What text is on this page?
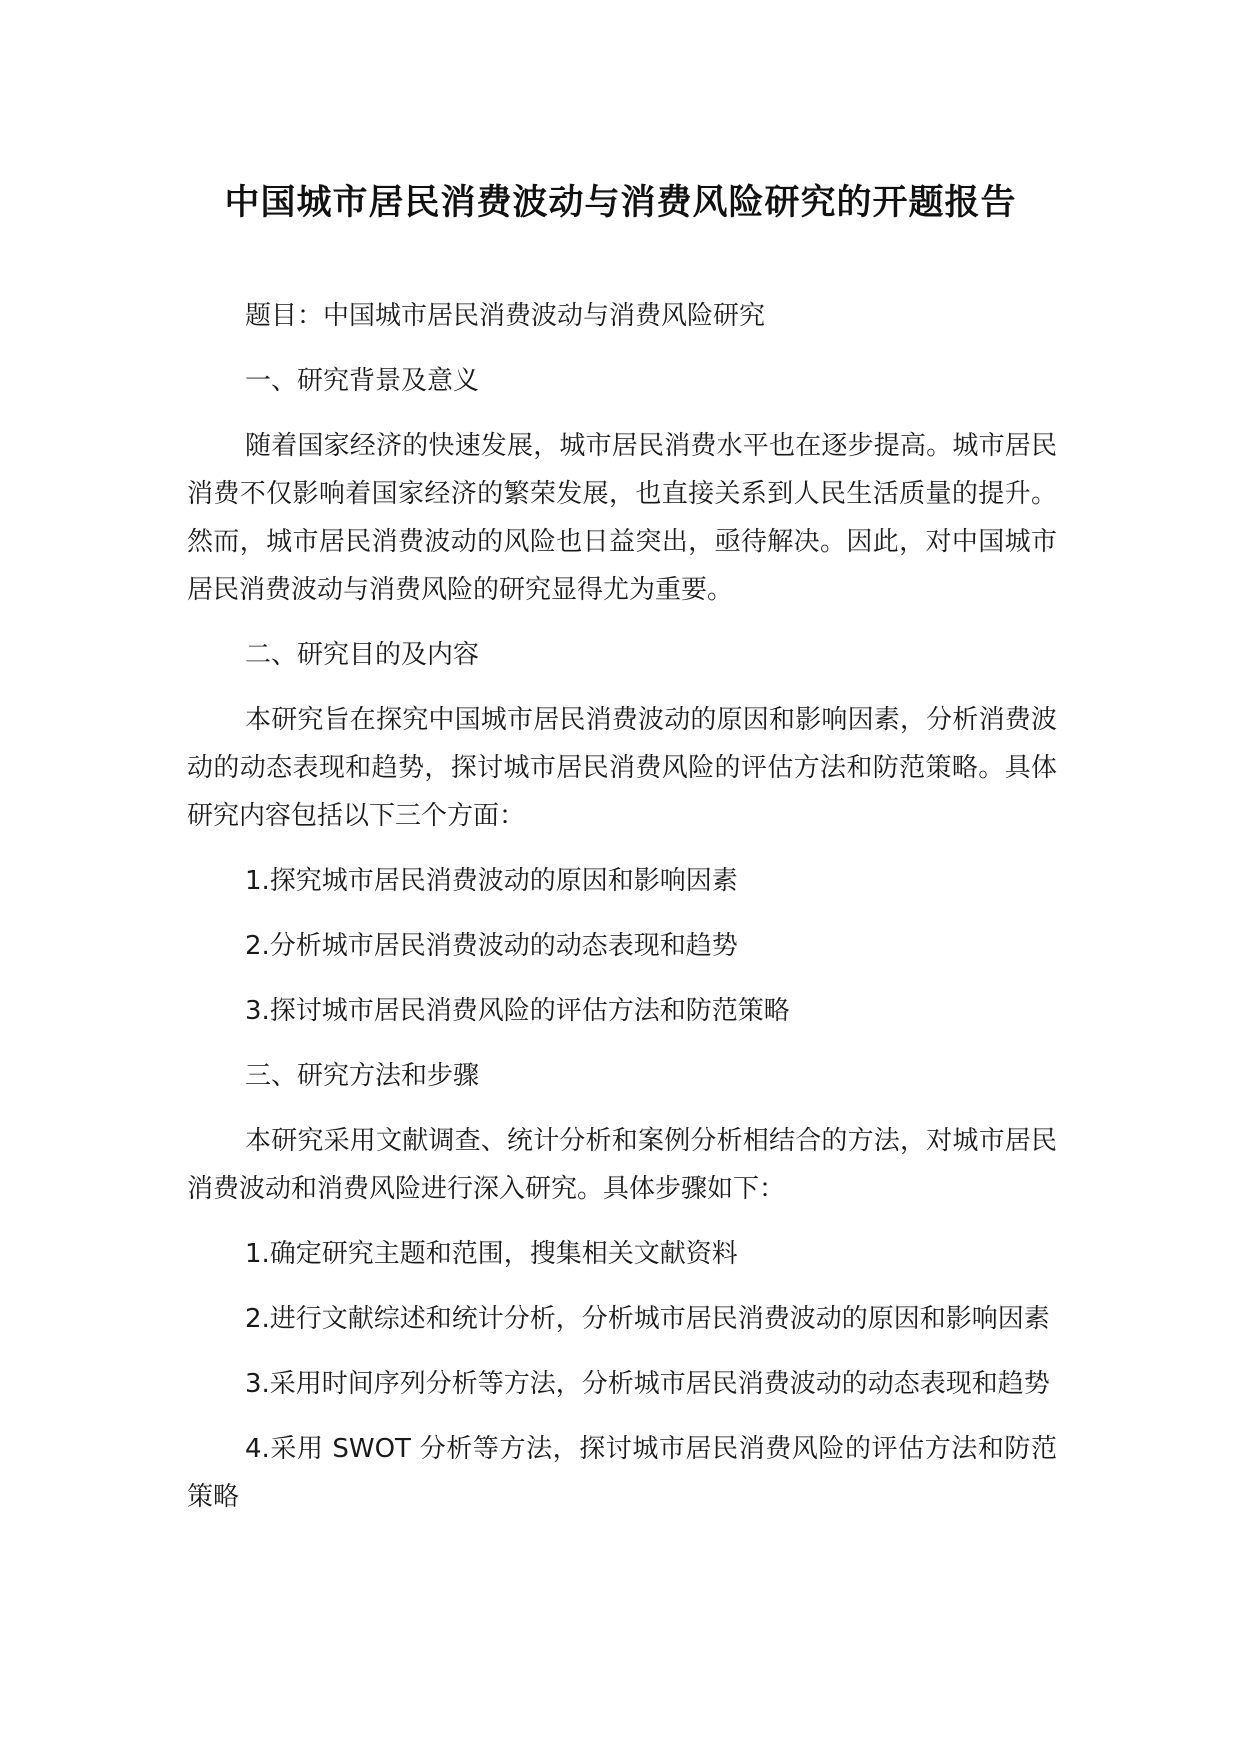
中国城市居民消费波动与消费风险研究的开题报告

题目：中国城市居民消费波动与消费风险研究

一、研究背景及意义

随着国家经济的快速发展，城市居民消费水平也在逐步提高。城市居民消费不仅影响着国家经济的繁荣发展，也直接关系到人民生活质量的提升。然而，城市居民消费波动的风险也日益突出，亟待解决。因此，对中国城市居民消费波动与消费风险的研究显得尤为重要。

二、研究目的及内容

本研究旨在探究中国城市居民消费波动的原因和影响因素，分析消费波动的动态表现和趋势，探讨城市居民消费风险的评估方法和防范策略。具体研究内容包括以下三个方面：

1.探究城市居民消费波动的原因和影响因素

2.分析城市居民消费波动的动态表现和趋势

3.探讨城市居民消费风险的评估方法和防范策略

三、研究方法和步骤

本研究采用文献调查、统计分析和案例分析相结合的方法，对城市居民消费波动和消费风险进行深入研究。具体步骤如下：

1.确定研究主题和范围，搜集相关文献资料

2.进行文献综述和统计分析，分析城市居民消费波动的原因和影响因素

3.采用时间序列分析等方法，分析城市居民消费波动的动态表现和趋势

4.采用 SWOT 分析等方法，探讨城市居民消费风险的评估方法和防范策略
